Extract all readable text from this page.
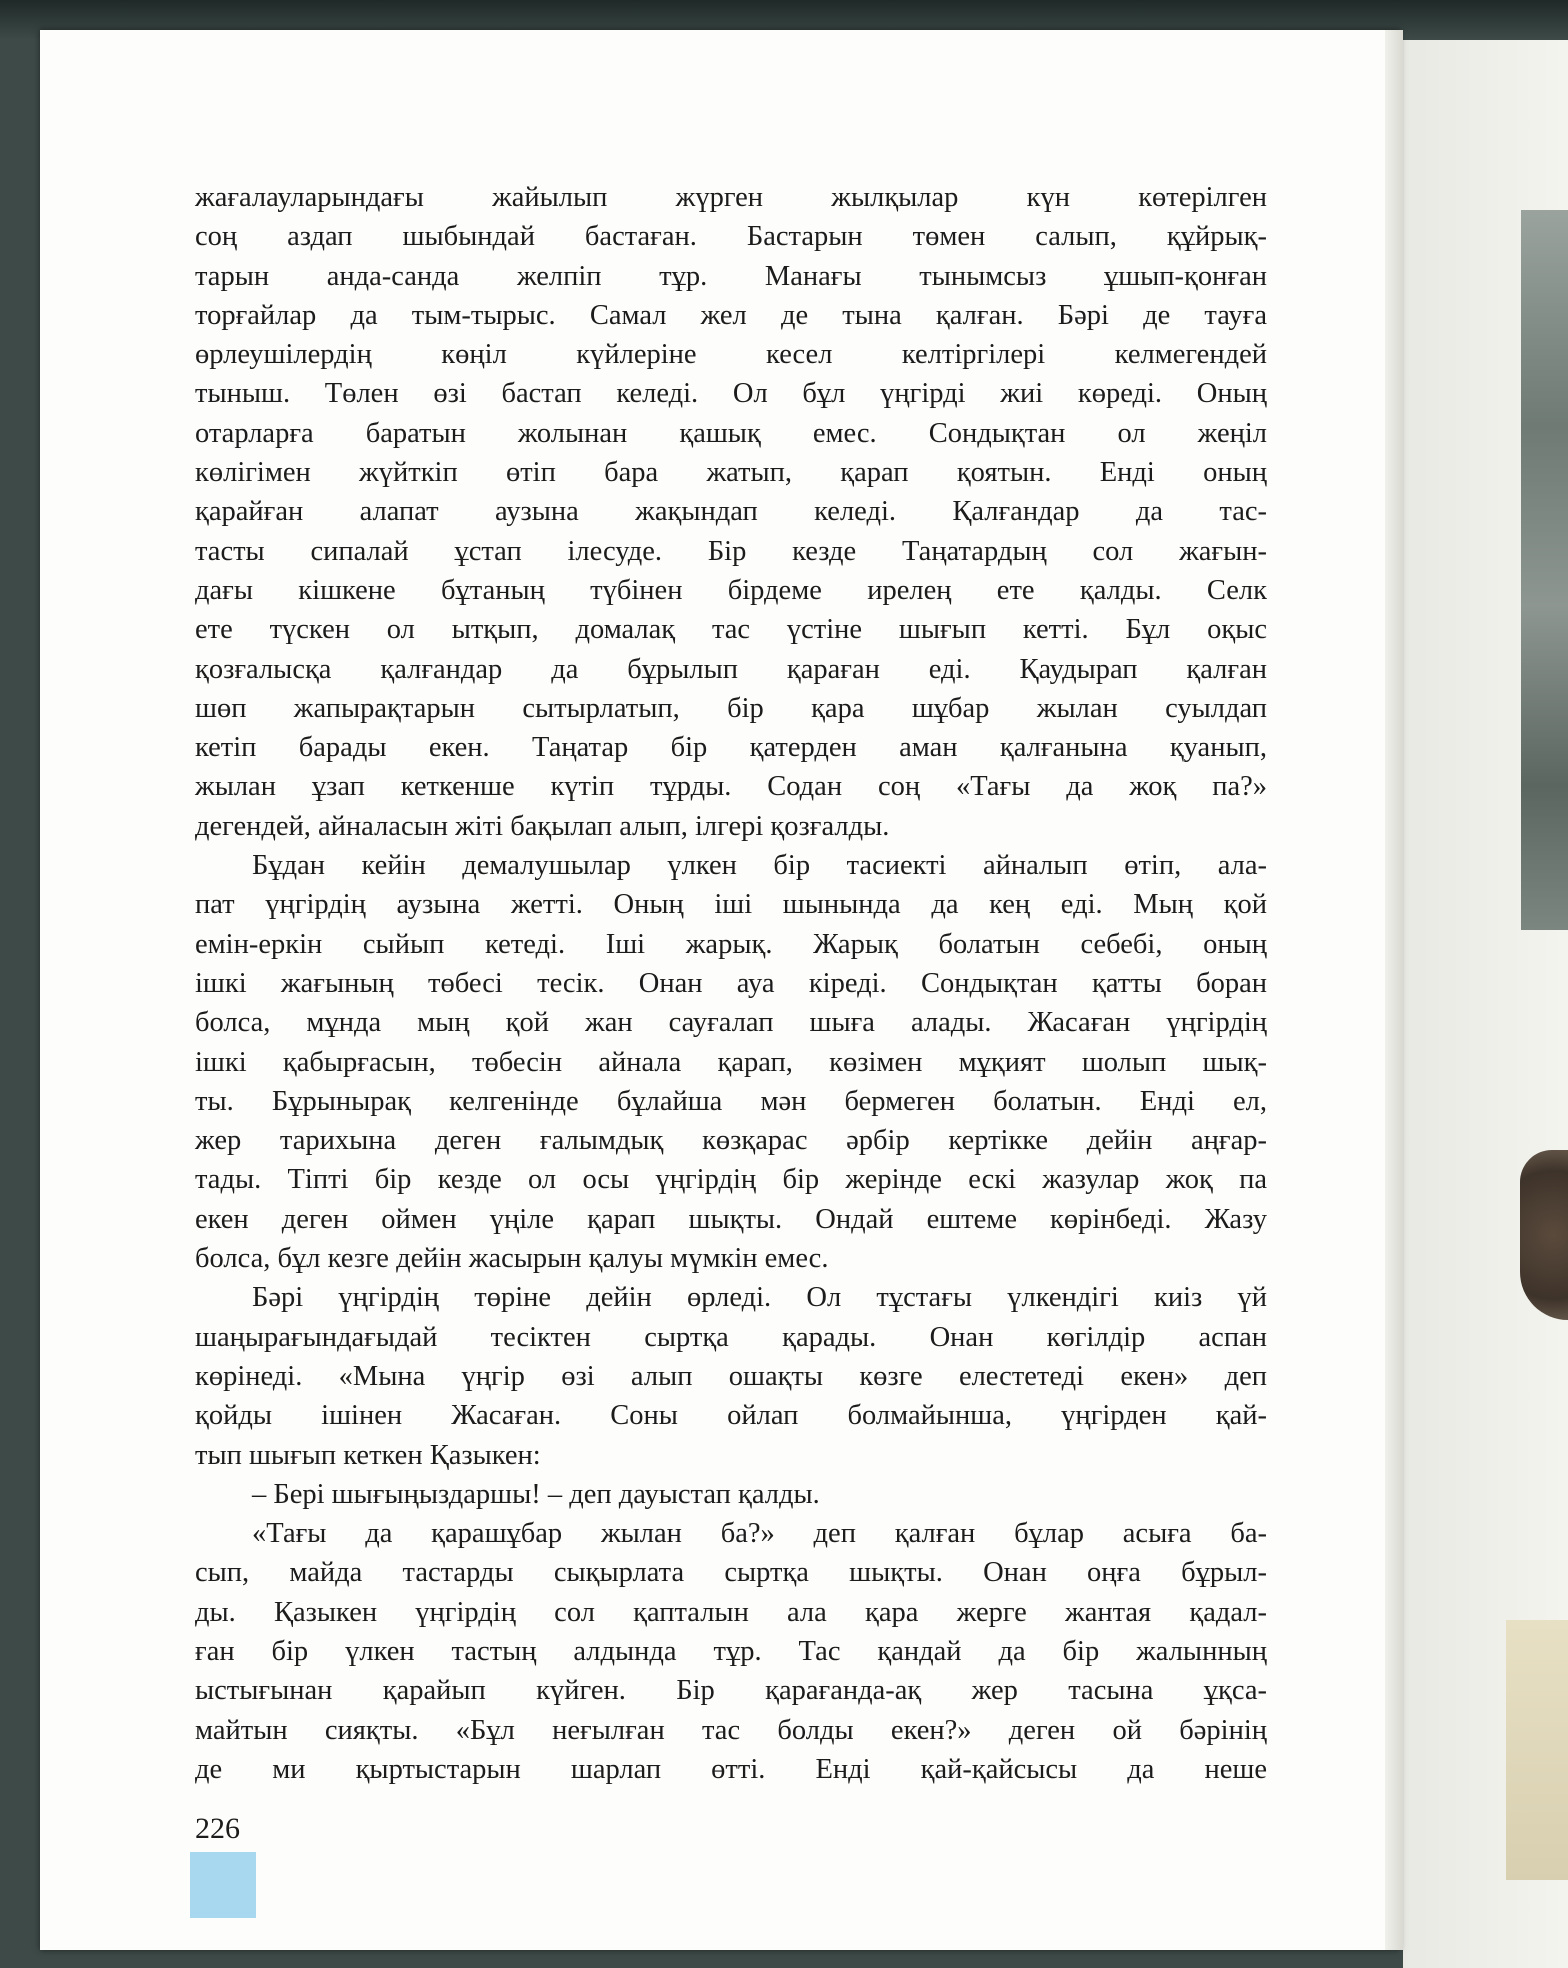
жағалауларындағы жайылып жүрген жылқылар күн көтерілген
соң аздап шыбындай бастаған. Бастарын төмен салып, құйрық-
тарын анда-санда желпіп тұр. Манағы тынымсыз ұшып-қонған
торғайлар да тым-тырыс. Самал жел де тына қалған. Бәрі де тауға
өрлеушілердің көңіл күйлеріне кесел келтіргілері келмегендей
тыныш. Төлен өзі бастап келеді. Ол бұл үңгірді жиі көреді. Оның
отарларға баратын жолынан қашық емес. Сондықтан ол жеңіл
көлігімен жүйткіп өтіп бара жатып, қарап қоятын. Енді оның
қарайған алапат аузына жақындап келеді. Қалғандар да тас-
тасты сипалай ұстап ілесуде. Бір кезде Таңатардың сол жағын-
дағы кішкене бұтаның түбінен бірдеме ирелең ете қалды. Селк
ете түскен ол ытқып, домалақ тас үстіне шығып кетті. Бұл оқыс
қозғалысқа қалғандар да бұрылып қараған еді. Қаудырап қалған
шөп жапырақтарын сытырлатып, бір қара шұбар жылан суылдап
кетіп барады екен. Таңатар бір қатерден аман қалғанына қуанып,
жылан ұзап кеткенше күтіп тұрды. Содан соң «Тағы да жоқ па?»
дегендей, айналасын жіті бақылап алып, ілгері қозғалды.
Бұдан кейін демалушылар үлкен бір тасиекті айналып өтіп, ала-
пат үңгірдің аузына жетті. Оның іші шынында да кең еді. Мың қой
емін-еркін сыйып кетеді. Іші жарық. Жарық болатын себебі, оның
ішкі жағының төбесі тесік. Онан ауа кіреді. Сондықтан қатты боран
болса, мұнда мың қой жан сауғалап шыға алады. Жасаған үңгірдің
ішкі қабырғасын, төбесін айнала қарап, көзімен мұқият шолып шық-
ты. Бұрынырақ келгенінде бұлайша мән бермеген болатын. Енді ел,
жер тарихына деген ғалымдық көзқарас әрбір кертікке дейін аңғар-
тады. Тіпті бір кезде ол осы үңгірдің бір жерінде ескі жазулар жоқ па
екен деген оймен үңіле қарап шықты. Ондай ештеме көрінбеді. Жазу
болса, бұл кезге дейін жасырын қалуы мүмкін емес.
Бәрі үңгірдің төріне дейін өрледі. Ол тұстағы үлкендігі киіз үй
шаңырағындағыдай тесіктен сыртқа қарады. Онан көгілдір аспан
көрінеді. «Мына үңгір өзі алып ошақты көзге елестетеді екен» деп
қойды ішінен Жасаған. Соны ойлап болмайынша, үңгірден қай-
тып шығып кеткен Қазыкен:
– Бері шығыңыздаршы! – деп дауыстап қалды.
«Тағы да қарашұбар жылан ба?» деп қалған бұлар асыға ба-
сып, майда тастарды сықырлата сыртқа шықты. Онан оңға бұрыл-
ды. Қазыкен үңгірдің сол қапталын ала қара жерге жантая қадал-
ған бір үлкен тастың алдында тұр. Тас қандай да бір жалынның
ыстығынан қарайып күйген. Бір қарағанда-ақ жер тасына ұқса-
майтын сияқты. «Бұл неғылған тас болды екен?» деген ой бәрінің
де ми қыртыстарын шарлап өтті. Енді қай-қайсысы да неше
226
